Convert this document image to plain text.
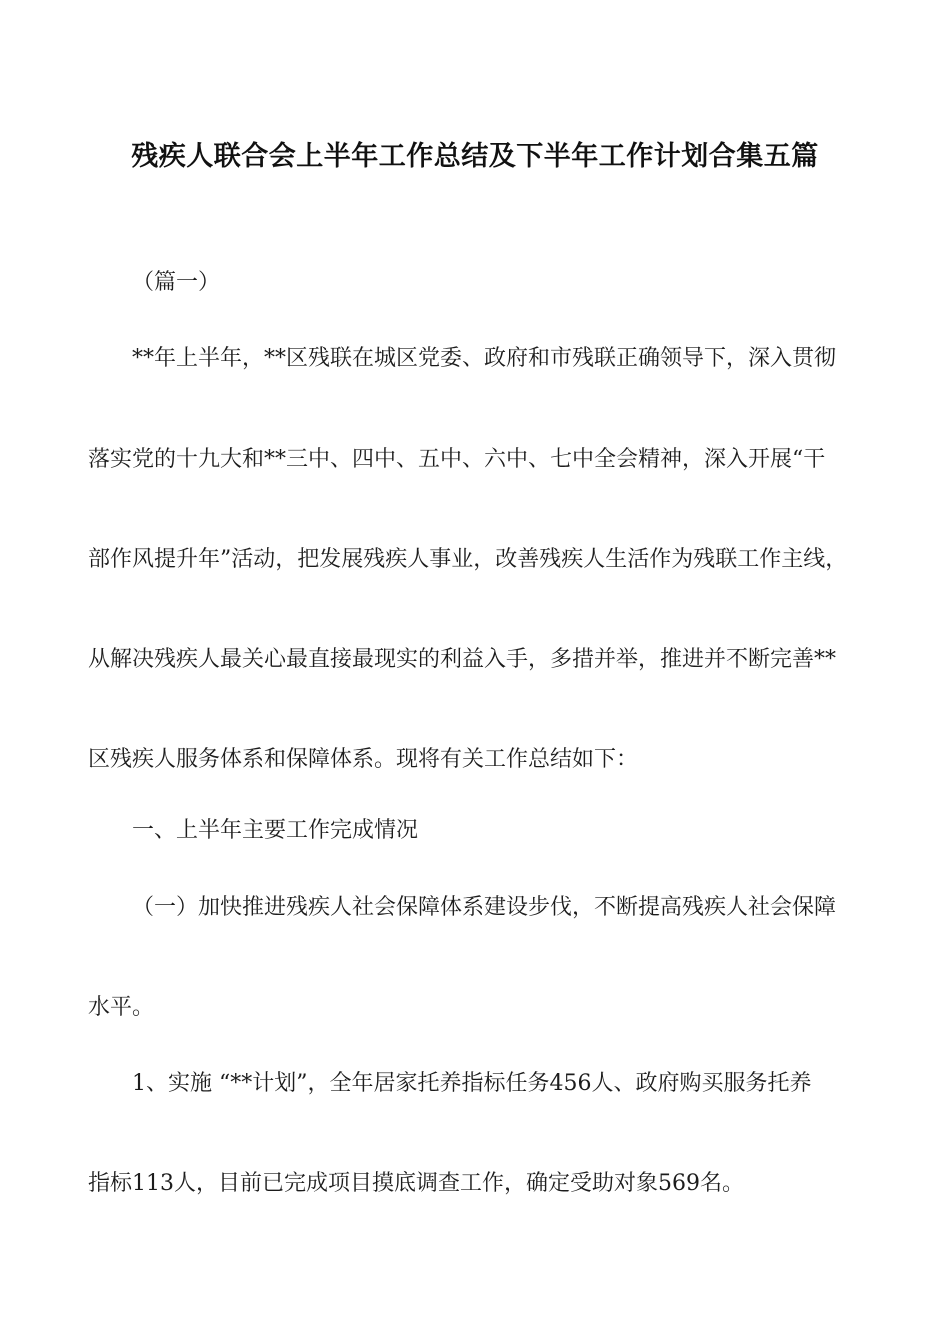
残疾人联合会上半年工作总结及下半年工作计划合集五篇
（篇一）
**年上半年，**区残联在城区党委、政府和市残联正确领导下，深入贯彻
落实党的十九大和**三中、四中、五中、六中、七中全会精神，深入开展“干
部作风提升年”活动，把发展残疾人事业，改善残疾人生活作为残联工作主线，
从解决残疾人最关心最直接最现实的利益入手，多措并举，推进并不断完善**
区残疾人服务体系和保障体系。现将有关工作总结如下：
一、上半年主要工作完成情况
（一）加快推进残疾人社会保障体系建设步伐，不断提高残疾人社会保障
水平。
1、实施 “**计划”，全年居家托养指标任务456人、政府购买服务托养
指标113人，目前已完成项目摸底调查工作，确定受助对象569名。
